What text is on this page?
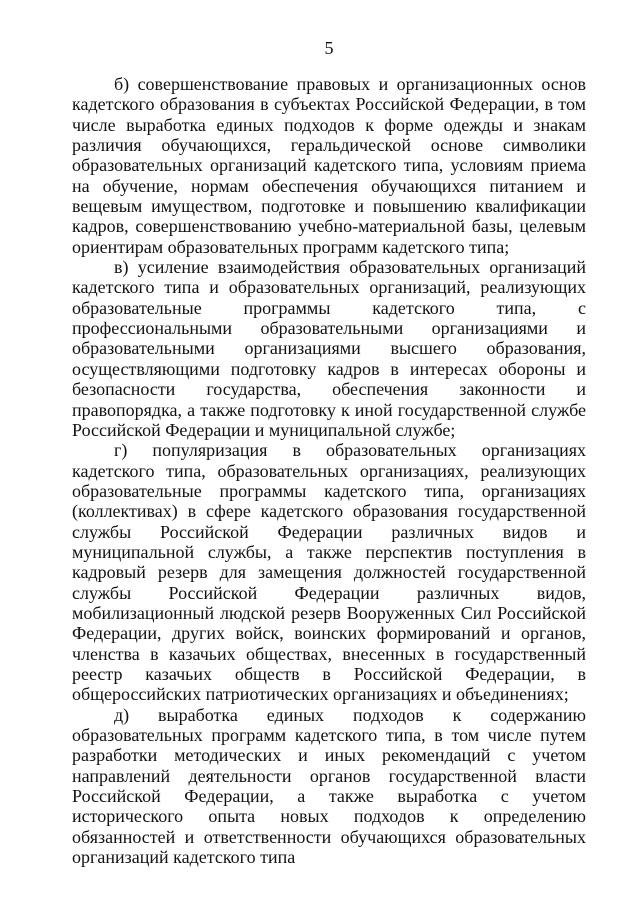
5

б) совершенствование правовых и организационных основ кадетского образования в субъектах Российской Федерации, в том числе выработка единых подходов к форме одежды и знакам различия обучающихся, геральдической основе символики образовательных организаций кадетского типа, условиям приема на обучение, нормам обеспечения обучающихся питанием и вещевым имуществом, подготовке и повышению квалификации кадров, совершенствованию учебно-материальной базы, целевым ориентирам образовательных программ кадетского типа;

в) усиление взаимодействия образовательных организаций кадетского типа и образовательных организаций, реализующих образовательные программы кадетского типа, с профессиональными образовательными организациями и образовательными организациями высшего образования, осуществляющими подготовку кадров в интересах обороны и безопасности государства, обеспечения законности и правопорядка, а также подготовку к иной государственной службе Российской Федерации и муниципальной службе;

г) популяризация в образовательных организациях кадетского типа, образовательных организациях, реализующих образовательные программы кадетского типа, организациях (коллективах) в сфере кадетского образования государственной службы Российской Федерации различных видов и муниципальной службы, а также перспектив поступления в кадровый резерв для замещения должностей государственной службы Российской Федерации различных видов, мобилизационный людской резерв Вооруженных Сил Российской Федерации, других войск, воинских формирований и органов, членства в казачьих обществах, внесенных в государственный реестр казачьих обществ в Российской Федерации, в общероссийских патриотических организациях и объединениях;

д) выработка единых подходов к содержанию образовательных программ кадетского типа, в том числе путем разработки методических и иных рекомендаций с учетом направлений деятельности органов государственной власти Российской Федерации, а также выработка с учетом исторического опыта новых подходов к определению обязанностей и ответственности обучающихся образовательных организаций кадетского типа
